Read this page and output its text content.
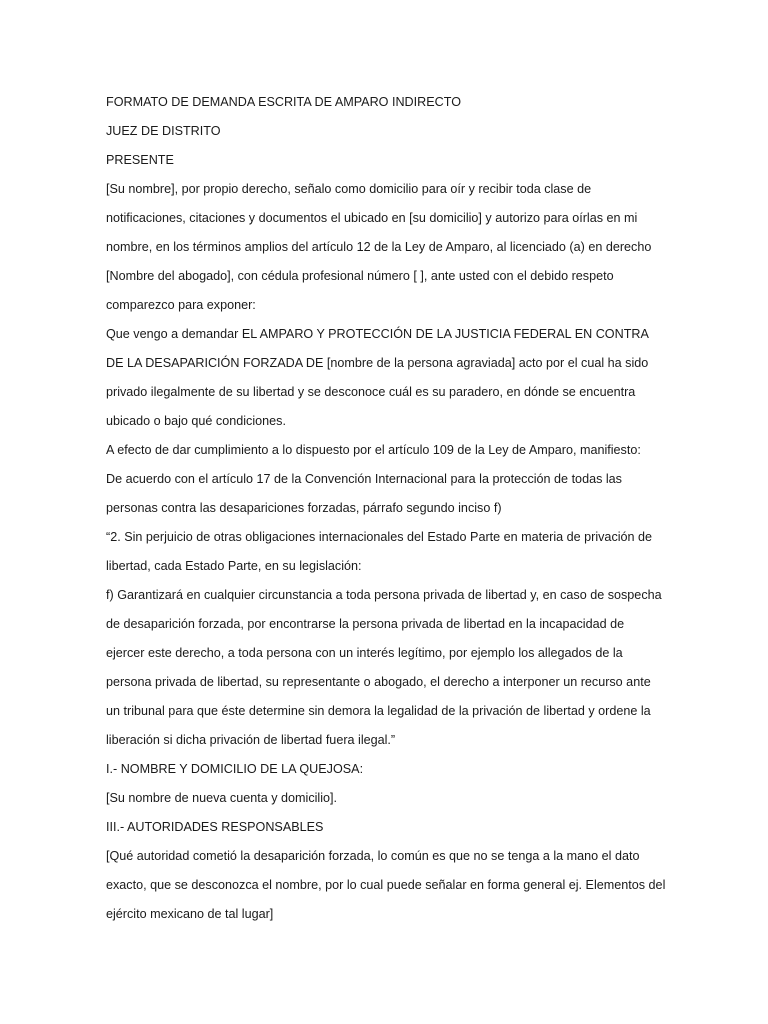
FORMATO DE DEMANDA ESCRITA DE AMPARO INDIRECTO

JUEZ DE DISTRITO

PRESENTE

[Su nombre], por propio derecho, señalo como domicilio para oír y recibir toda clase de notificaciones, citaciones y documentos el ubicado en [su domicilio] y autorizo para oírlas en mi nombre, en los términos amplios del artículo 12 de la Ley de Amparo, al licenciado (a) en derecho [Nombre del abogado], con cédula profesional número [ ], ante usted con el debido respeto comparezco para exponer:

Que vengo a demandar EL AMPARO Y PROTECCIÓN DE LA JUSTICIA FEDERAL EN CONTRA DE LA DESAPARICIÓN FORZADA DE [nombre de la persona agraviada] acto por el cual ha sido privado ilegalmente de su libertad y se desconoce cuál es su paradero, en dónde se encuentra ubicado o bajo qué condiciones.

A efecto de dar cumplimiento a lo dispuesto por el artículo 109 de la Ley de Amparo, manifiesto:

De acuerdo con el artículo 17 de la Convención Internacional para la protección de todas las personas contra las desapariciones forzadas, párrafo segundo inciso f)

“2. Sin perjuicio de otras obligaciones internacionales del Estado Parte en materia de privación de libertad, cada Estado Parte, en su legislación:

f) Garantizará en cualquier circunstancia a toda persona privada de libertad y, en caso de sospecha de desaparición forzada, por encontrarse la persona privada de libertad en la incapacidad de ejercer este derecho, a toda persona con un interés legítimo, por ejemplo los allegados de la persona privada de libertad, su representante o abogado, el derecho a interponer un recurso ante un tribunal para que éste determine sin demora la legalidad de la privación de libertad y ordene la liberación si dicha privación de libertad fuera ilegal.”

I.- NOMBRE Y DOMICILIO DE LA QUEJOSA:

[Su nombre de nueva cuenta y domicilio].

III.- AUTORIDADES RESPONSABLES

[Qué autoridad cometió la desaparición forzada, lo común es que no se tenga a la mano el dato exacto, que se desconozca el nombre, por lo cual puede señalar en forma general ej. Elementos del ejército mexicano de tal lugar]
